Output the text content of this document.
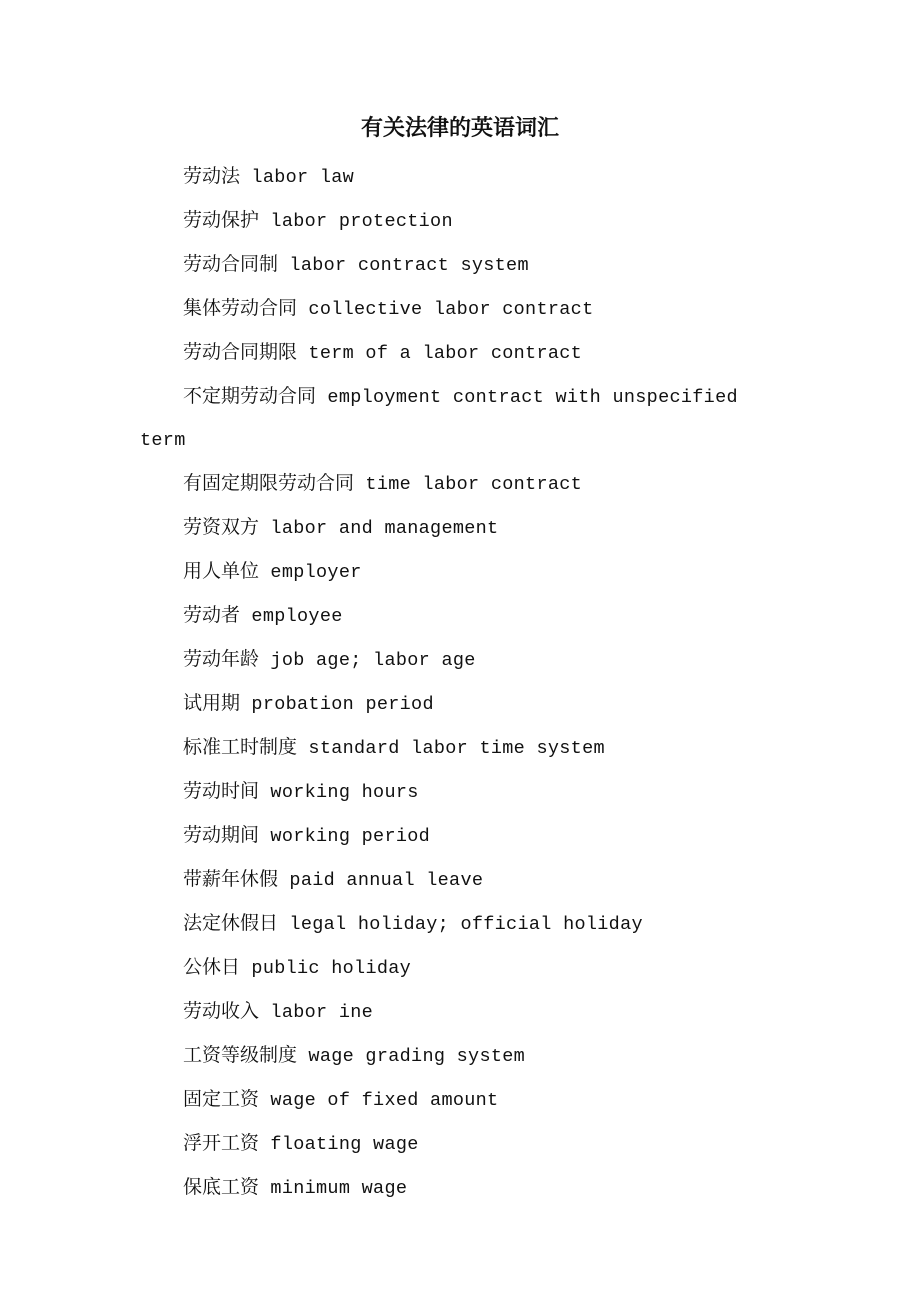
有关法律的英语词汇
劳动法 labor law
劳动保护 labor protection
劳动合同制 labor contract system
集体劳动合同 collective labor contract
劳动合同期限 term of a labor contract
不定期劳动合同 employment contract with unspecified term
有固定期限劳动合同 time labor contract
劳资双方 labor and management
用人单位 employer
劳动者 employee
劳动年龄 job age; labor age
试用期 probation period
标准工时制度 standard labor time system
劳动时间 working hours
劳动期间 working period
带薪年休假 paid annual leave
法定休假日 legal holiday; official holiday
公休日 public holiday
劳动收入 labor ine
工资等级制度 wage grading system
固定工资 wage of fixed amount
浮开工资 floating wage
保底工资 minimum wage
